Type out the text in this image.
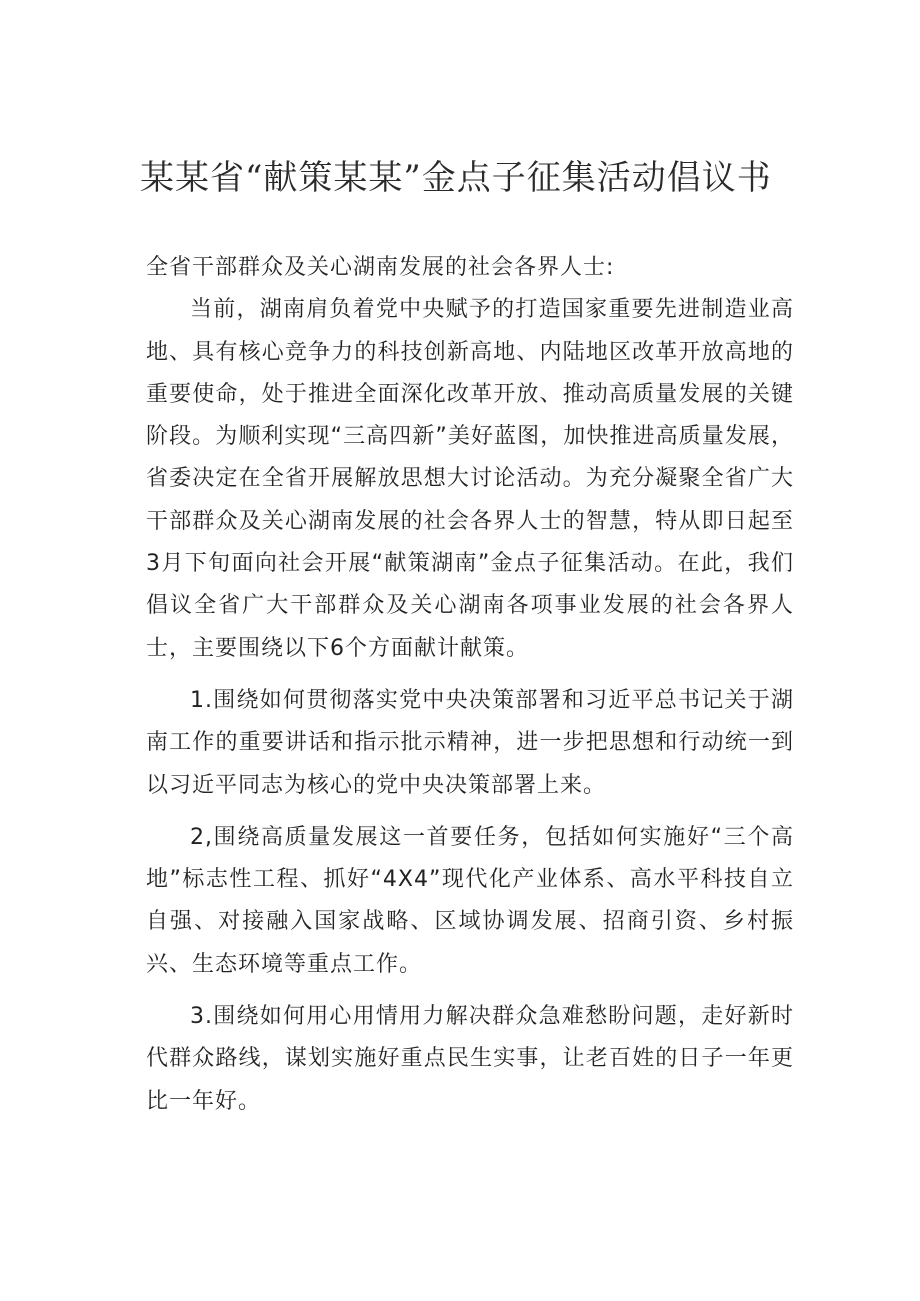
某某省“献策某某”金点子征集活动倡议书

全省干部群众及关心湖南发展的社会各界人士:

当前，湖南肩负着党中央赋予的打造国家重要先进制造业高地、具有核心竞争力的科技创新高地、内陆地区改革开放高地的重要使命，处于推进全面深化改革开放、推动高质量发展的关键阶段。为顺利实现“三高四新”美好蓝图，加快推进高质量发展，省委决定在全省开展解放思想大讨论活动。为充分凝聚全省广大干部群众及关心湖南发展的社会各界人士的智慧，特从即日起至3月下旬面向社会开展“献策湖南”金点子征集活动。在此，我们倡议全省广大干部群众及关心湖南各项事业发展的社会各界人士，主要围绕以下6个方面献计献策。

1.围绕如何贯彻落实党中央决策部署和习近平总书记关于湖南工作的重要讲话和指示批示精神，进一步把思想和行动统一到以习近平同志为核心的党中央决策部署上来。

2,围绕高质量发展这一首要任务，包括如何实施好“三个高地”标志性工程、抓好“4X4”现代化产业体系、高水平科技自立自强、对接融入国家战略、区域协调发展、招商引资、乡村振兴、生态环境等重点工作。

3.围绕如何用心用情用力解决群众急难愁盼问题，走好新时代群众路线，谋划实施好重点民生实事，让老百姓的日子一年更比一年好。
